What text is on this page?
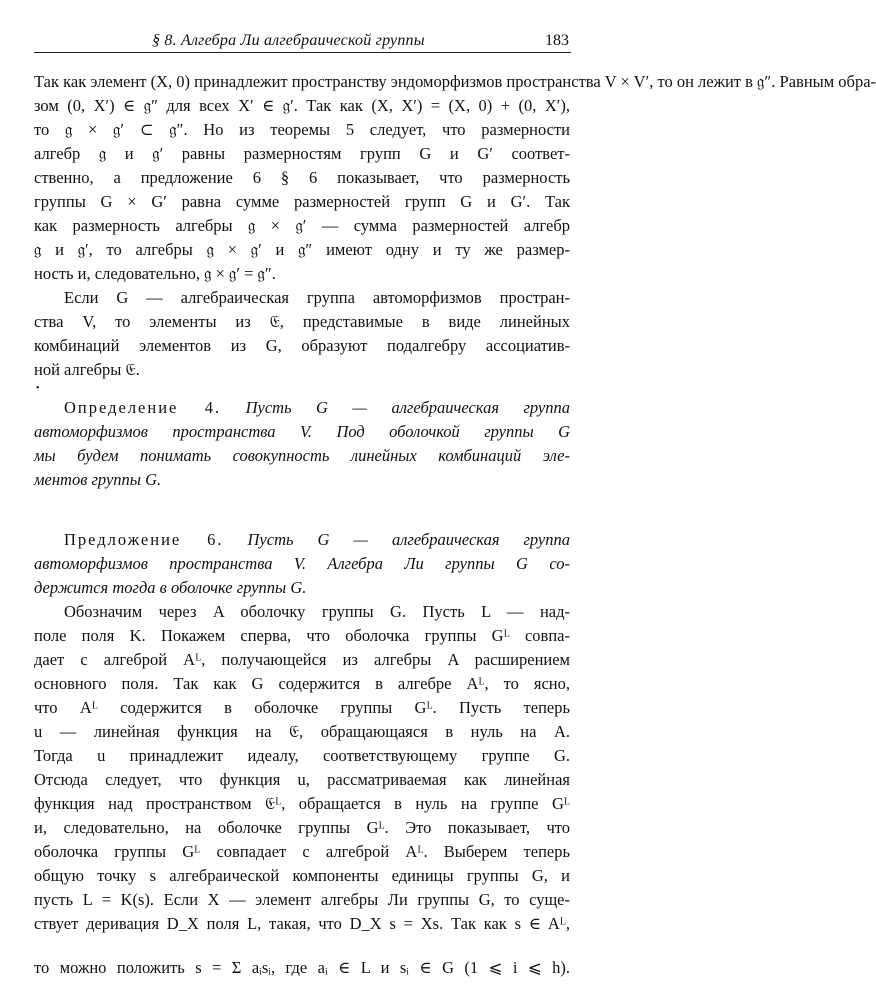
§ 8. Алгебра Ли алгебраической группы	183
Так как элемент (X, 0) принадлежит пространству эндоморфизмов пространства V × V′, то он лежит в 𝔤″. Равным обра-
зом (0, X′) ∈ 𝔤″ для всех X′ ∈ 𝔤′. Так как (X, X′) = (X, 0) + (0, X′),
то 𝔤 × 𝔤′ ⊂ 𝔤″. Но из теоремы 5 следует, что размерности
алгебр 𝔤 и 𝔤′ равны размерностям групп G и G′ соответ-
ственно, а предложение 6 § 6 показывает, что размерность
группы G × G′ равна сумме размерностей групп G и G′. Так
как размерность алгебры 𝔤 × 𝔤′ — сумма размерностей алгебр
𝔤 и 𝔤′, то алгебры 𝔤 × 𝔤′ и 𝔤″ имеют одну и ту же размер-
ность и, следовательно, 𝔤 × 𝔤′ = 𝔤″.
Если G — алгебраическая группа автоморфизмов простран-
ства V, то элементы из 𝔈, представимые в виде линейных
комбинаций элементов из G, образуют подалгебру ассоциатив-
ной алгебры 𝔈.
•
Определение 4. Пусть G — алгебраическая группа
автоморфизмов пространства V. Под оболочкой группы G
мы будем понимать совокупность линейных комбинаций эле-
ментов группы G.
Предложение 6. Пусть G — алгебраическая группа
автоморфизмов пространства V. Алгебра Ли группы G со-
держится тогда в оболочке группы G.
Обозначим через A оболочку группы G. Пусть L — над-
поле поля K. Покажем сперва, что оболочка группы Gᴸ совпа-
дает с алгеброй Aᴸ, получающейся из алгебры A расширением
основного поля. Так как G содержится в алгебре Aᴸ, то ясно,
что Aᴸ содержится в оболочке группы Gᴸ. Пусть теперь
u — линейная функция на 𝔈, обращающаяся в нуль на A.
Тогда u принадлежит идеалу, соответствующему группе G.
Отсюда следует, что функция u, рассматриваемая как линейная
функция над пространством 𝔈ᴸ, обращается в нуль на группе Gᴸ
и, следовательно, на оболочке группы Gᴸ. Это показывает, что
оболочка группы Gᴸ совпадает с алгеброй Aᴸ. Выберем теперь
общую точку s алгебраической компоненты единицы группы G, и
пусть L = K(s). Если X — элемент алгебры Ли группы G, то суще-
ствует деривация D_X поля L, такая, что D_X s = Xs. Так как s ∈ Aᴸ,
то можно положить s = Σ aᵢsᵢ, где aᵢ ∈ L и sᵢ ∈ G (1 ⩽ i ⩽ h).
